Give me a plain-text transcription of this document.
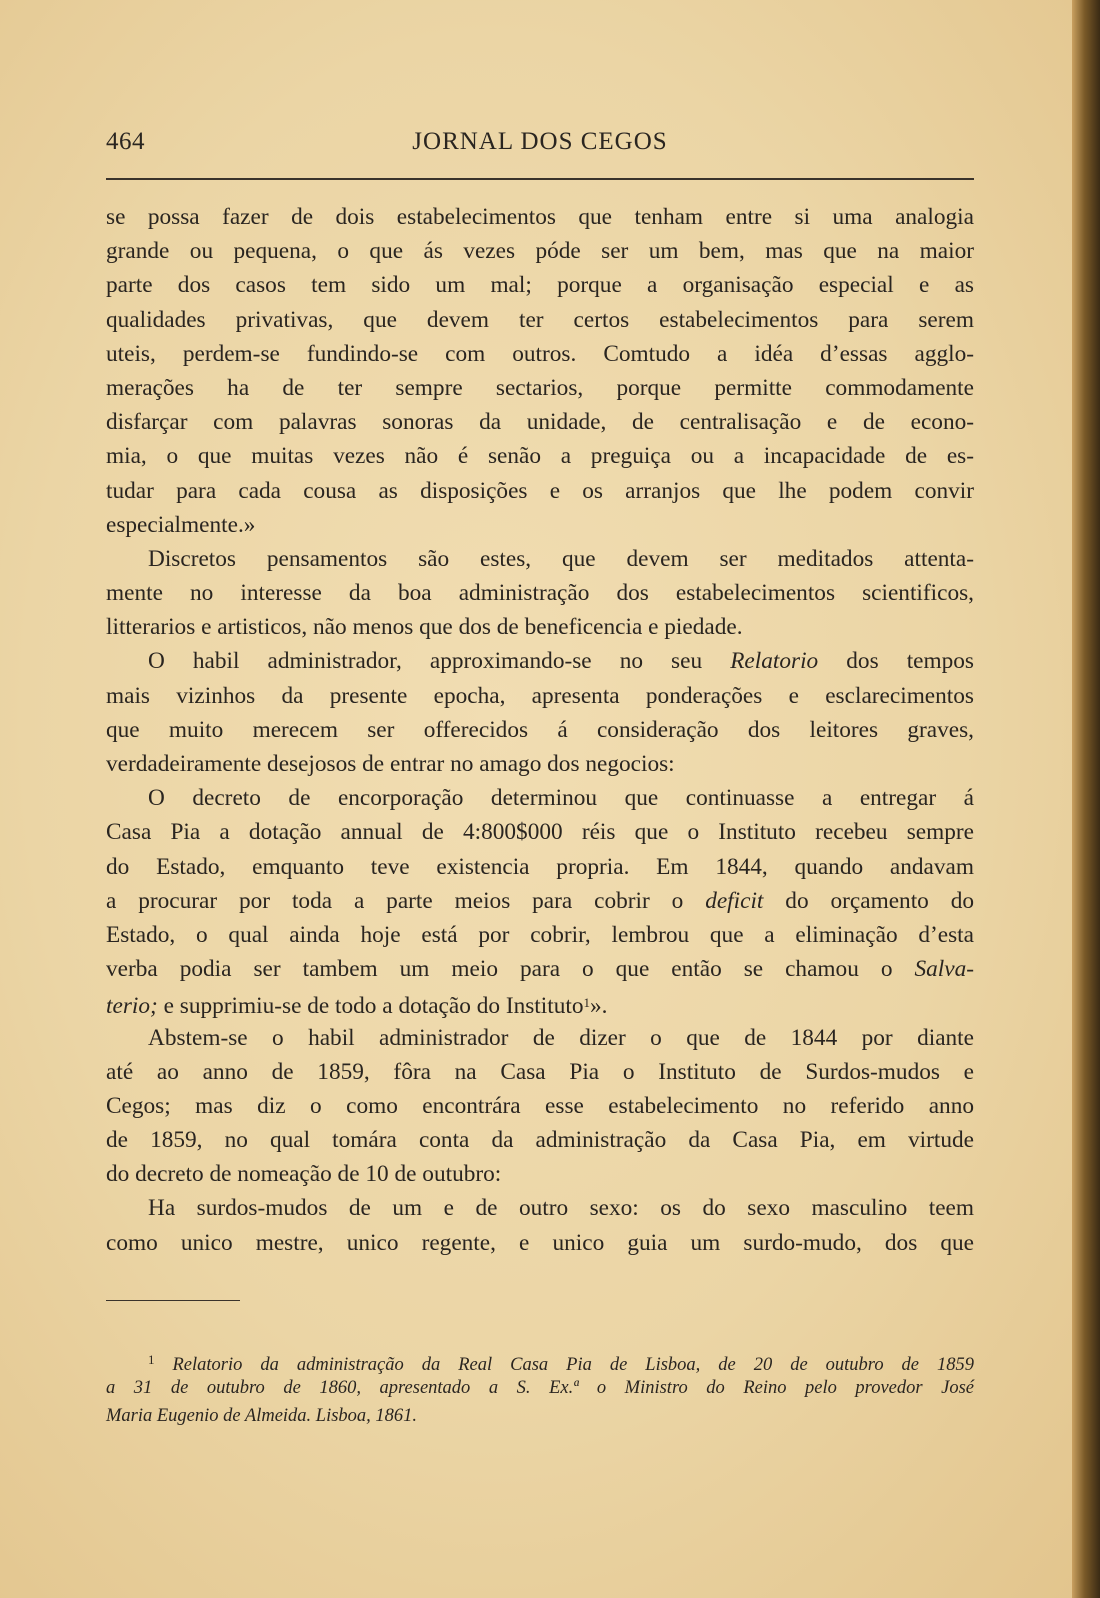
464	JORNAL DOS CEGOS
se possa fazer de dois estabelecimentos que tenham entre si uma analogia
grande ou pequena, o que ás vezes póde ser um bem, mas que na maior
parte dos casos tem sido um mal; porque a organisação especial e as
qualidades privativas, que devem ter certos estabelecimentos para serem
uteis, perdem-se fundindo-se com outros. Comtudo a idéa d’essas agglo-
merações ha de ter sempre sectarios, porque permitte commodamente
disfarçar com palavras sonoras da unidade, de centralisação e de econo-
mia, o que muitas vezes não é senão a preguiça ou a incapacidade de es-
tudar para cada cousa as disposições e os arranjos que lhe podem convir
especialmente.»
Discretos pensamentos são estes, que devem ser meditados attenta-
mente no interesse da boa administração dos estabelecimentos scientificos,
litterarios e artisticos, não menos que dos de beneficencia e piedade.
O habil administrador, approximando-se no seu Relatorio dos tempos
mais vizinhos da presente epocha, apresenta ponderações e esclarecimentos
que muito merecem ser offerecidos á consideração dos leitores graves,
verdadeiramente desejosos de entrar no amago dos negocios:
O decreto de encorporação determinou que continuasse a entregar á
Casa Pia a dotação annual de 4:800$000 réis que o Instituto recebeu sempre
do Estado, emquanto teve existencia propria. Em 1844, quando andavam
a procurar por toda a parte meios para cobrir o deficit do orçamento do
Estado, o qual ainda hoje está por cobrir, lembrou que a eliminação d’esta
verba podia ser tambem um meio para o que então se chamou o Salva-
terio; e supprimiu-se de todo a dotação do Instituto$^1$».
Abstem-se o habil administrador de dizer o que de 1844 por diante
até ao anno de 1859, fôra na Casa Pia o Instituto de Surdos-mudos e
Cegos; mas diz o como encontrára esse estabelecimento no referido anno
de 1859, no qual tomára conta da administração da Casa Pia, em virtude
do decreto de nomeação de 10 de outubro:
Ha surdos-mudos de um e de outro sexo: os do sexo masculino teem
como unico mestre, unico regente, e unico guia um surdo-mudo, dos que
$^1$ Relatorio da administração da Real Casa Pia de Lisboa, de 20 de outubro de 1859
a 31 de outubro de 1860, apresentado a S. Ex.ª o Ministro do Reino pelo provedor José
Maria Eugenio de Almeida. Lisboa, 1861.
